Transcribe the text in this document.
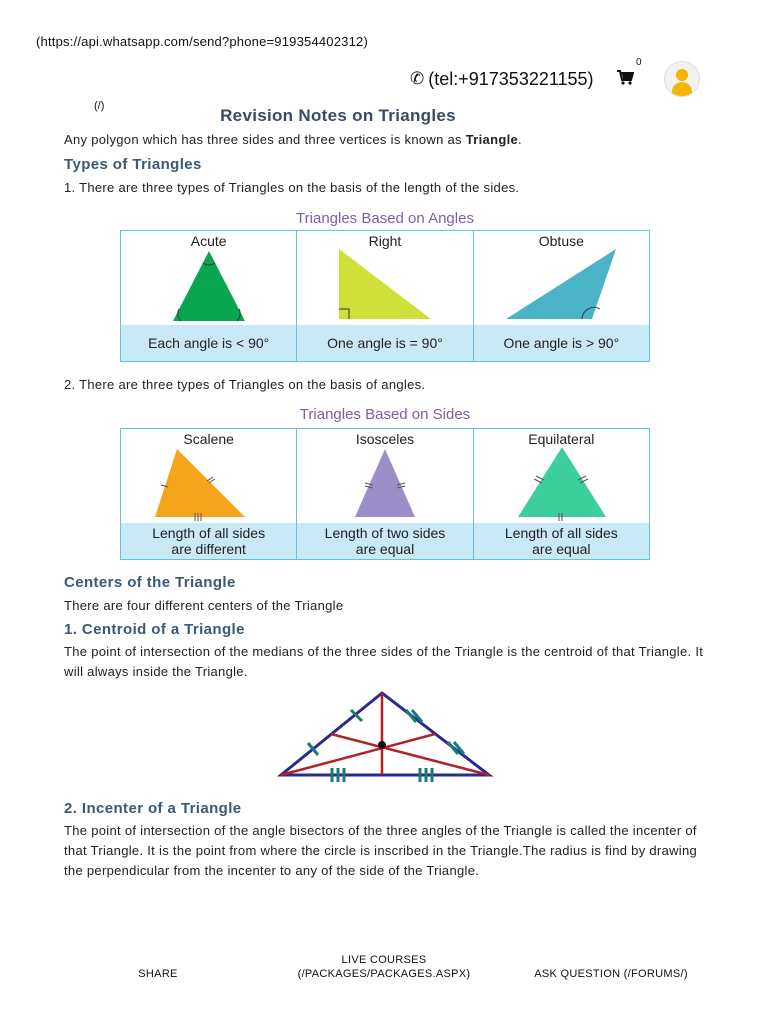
(https://api.whatsapp.com/send?phone=919354402312)
✆ (tel:+917353221155)
0
(/)	Revision Notes on Triangles
Any polygon which has three sides and three vertices is known as Triangle.
Types of Triangles
1. There are three types of Triangles on the basis of the length of the sides.
Triangles Based on Angles
Acute
Each angle is < 90°
Right
One angle is = 90°
Obtuse
One angle is > 90°
2. There are three types of Triangles on the basis of angles.
Triangles Based on Sides
Scalene
Length of all sides
are different
Isosceles
Length of two sides
are equal
Equilateral
Length of all sides
are equal
Centers of the Triangle
There are four different centers of the Triangle
1. Centroid of a Triangle
The point of intersection of the medians of the three sides of the Triangle is the centroid of that Triangle. It will always inside the Triangle.
2. Incenter of a Triangle
The point of intersection of the angle bisectors of the three angles of the Triangle is called the incenter of that Triangle. It is the point from where the circle is inscribed in the Triangle.The radius is find by drawing the perpendicular from the incenter to any of the side of the Triangle.
SHARE
LIVE COURSES
(/PACKAGES/PACKAGES.ASPX)	ASK QUESTION (/FORUMS/)
